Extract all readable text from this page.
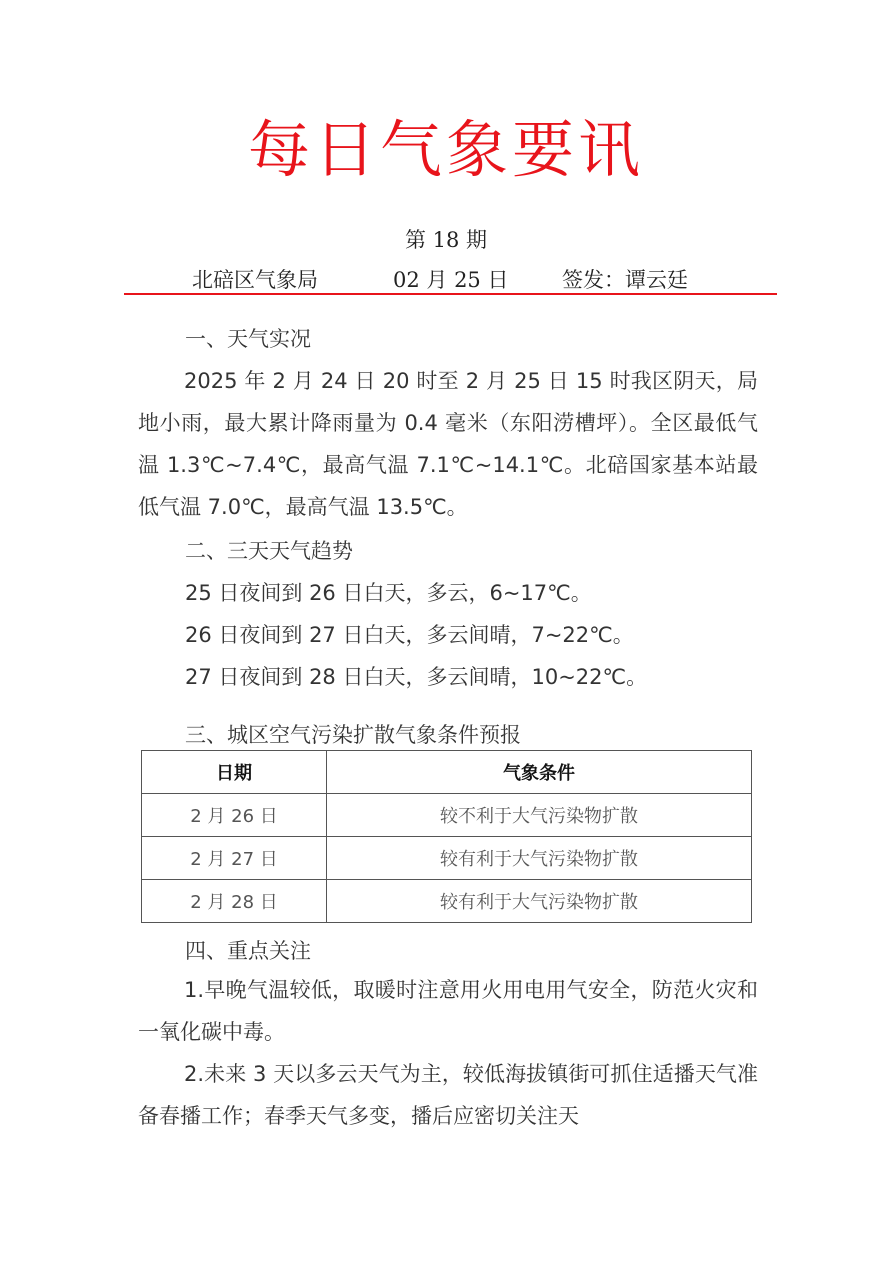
每日气象要讯
第 18 期
北碚区气象局	02 月 25 日	签发：谭云廷
一、天气实况
2025 年 2 月 24 日 20 时至 2 月 25 日 15 时我区阴天，局地小雨，最大累计降雨量为 0.4 毫米（东阳涝槽坪）。全区最低气温 1.3℃~7.4℃，最高气温 7.1℃~14.1℃。北碚国家基本站最低气温 7.0℃，最高气温 13.5℃。
二、三天天气趋势
25 日夜间到 26 日白天，多云，6~17℃。
26 日夜间到 27 日白天，多云间晴，7~22℃。
27 日夜间到 28 日白天，多云间晴，10~22℃。
三、城区空气污染扩散气象条件预报
日期	气象条件
2 月 26 日	较不利于大气污染物扩散
2 月 27 日	较有利于大气污染物扩散
2 月 28 日	较有利于大气污染物扩散
四、重点关注
1.早晚气温较低，取暖时注意用火用电用气安全，防范火灾和一氧化碳中毒。
2.未来 3 天以多云天气为主，较低海拔镇街可抓住适播天气准备春播工作；春季天气多变，播后应密切关注天
